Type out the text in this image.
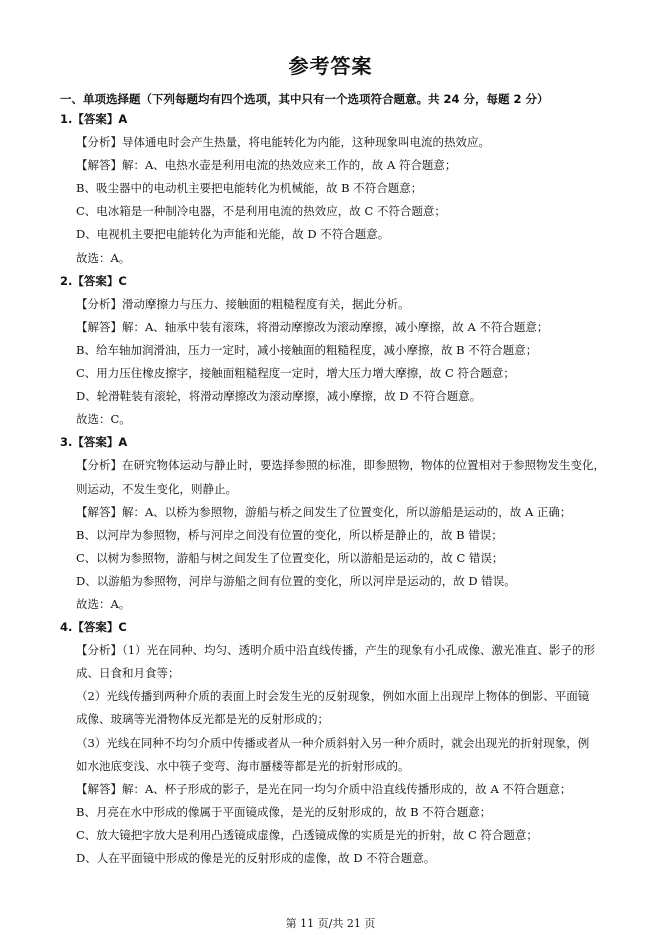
参考答案
一、单项选择题（下列每题均有四个选项，其中只有一个选项符合题意。共 24 分，每题 2 分）
1.【答案】A
【分析】导体通电时会产生热量，将电能转化为内能，这种现象叫电流的热效应。
【解答】解：A、电热水壶是利用电流的热效应来工作的，故 A 符合题意；
B、吸尘器中的电动机主要把电能转化为机械能，故 B 不符合题意；
C、电冰箱是一种制冷电器，不是利用电流的热效应，故 C 不符合题意；
D、电视机主要把电能转化为声能和光能，故 D 不符合题意。
故选：A。
2.【答案】C
【分析】滑动摩擦力与压力、接触面的粗糙程度有关，据此分析。
【解答】解：A、轴承中装有滚珠，将滑动摩擦改为滚动摩擦，减小摩擦，故 A 不符合题意；
B、给车轴加润滑油，压力一定时，减小接触面的粗糙程度，减小摩擦，故 B 不符合题意；
C、用力压住橡皮擦字，接触面粗糙程度一定时，增大压力增大摩擦，故 C 符合题意；
D、轮滑鞋装有滚轮，将滑动摩擦改为滚动摩擦，减小摩擦，故 D 不符合题意。
故选：C。
3.【答案】A
【分析】在研究物体运动与静止时，要选择参照的标准，即参照物，物体的位置相对于参照物发生变化，
则运动，不发生变化，则静止。
【解答】解：A、以桥为参照物，游船与桥之间发生了位置变化，所以游船是运动的，故 A 正确；
B、以河岸为参照物，桥与河岸之间没有位置的变化，所以桥是静止的，故 B 错误；
C、以树为参照物，游船与树之间发生了位置变化，所以游船是运动的，故 C 错误；
D、以游船为参照物，河岸与游船之间有位置的变化，所以河岸是运动的，故 D 错误。
故选：A。
4.【答案】C
【分析】（1）光在同种、均匀、透明介质中沿直线传播，产生的现象有小孔成像、激光准直、影子的形
成、日食和月食等；
（2）光线传播到两种介质的表面上时会发生光的反射现象，例如水面上出现岸上物体的倒影、平面镜
成像、玻璃等光滑物体反光都是光的反射形成的；
（3）光线在同种不均匀介质中传播或者从一种介质斜射入另一种介质时，就会出现光的折射现象，例
如水池底变浅、水中筷子变弯、海市蜃楼等都是光的折射形成的。
【解答】解：A、杯子形成的影子，是光在同一均匀介质中沿直线传播形成的，故 A 不符合题意；
B、月亮在水中形成的像属于平面镜成像，是光的反射形成的，故 B 不符合题意；
C、放大镜把字放大是利用凸透镜成虚像，凸透镜成像的实质是光的折射，故 C 符合题意；
D、人在平面镜中形成的像是光的反射形成的虚像，故 D 不符合题意。
第 11 页/共 21 页
